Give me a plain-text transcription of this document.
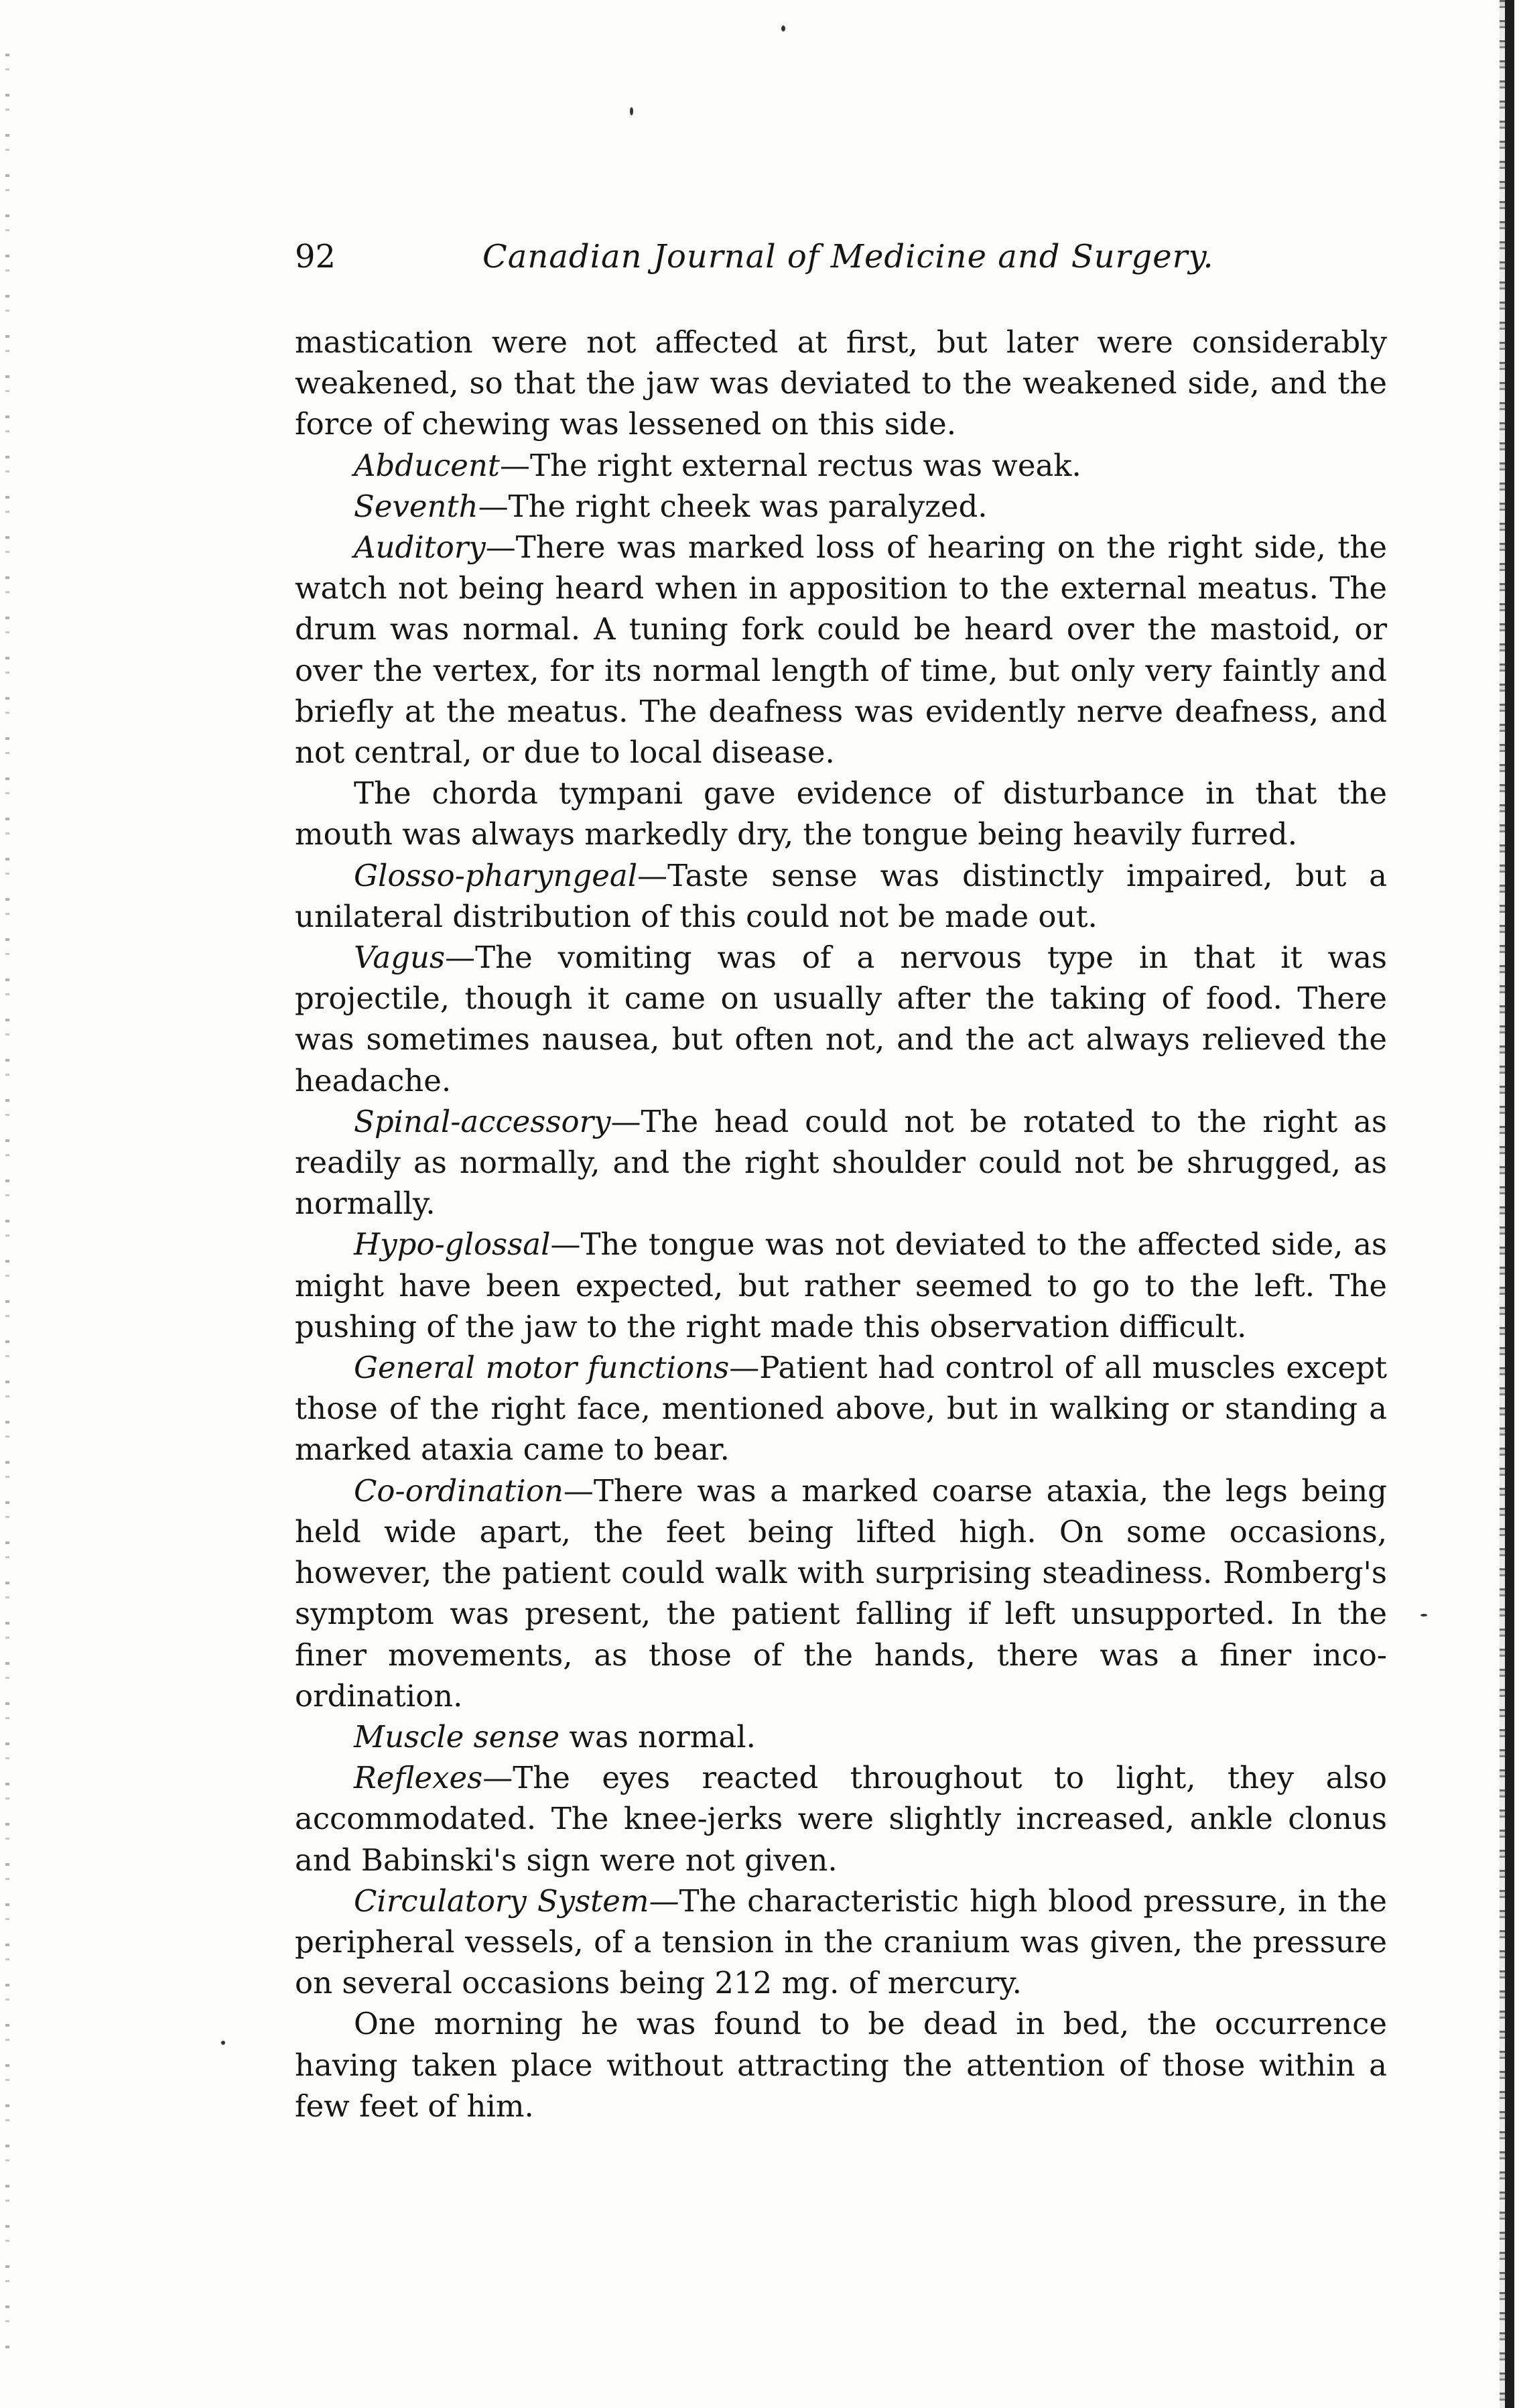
92	Canadian Journal of Medicine and Surgery.

mastication were not affected at first, but later were considerably weakened, so that the jaw was deviated to the weakened side, and the force of chewing was lessened on this side.

Abducent—The right external rectus was weak.

Seventh—The right cheek was paralyzed.

Auditory—There was marked loss of hearing on the right side, the watch not being heard when in apposition to the external meatus. The drum was normal. A tuning fork could be heard over the mastoid, or over the vertex, for its normal length of time, but only very faintly and briefly at the meatus. The deafness was evidently nerve deafness, and not central, or due to local disease.

The chorda tympani gave evidence of disturbance in that the mouth was always markedly dry, the tongue being heavily furred.

Glosso-pharyngeal—Taste sense was distinctly impaired, but a unilateral distribution of this could not be made out.

Vagus—The vomiting was of a nervous type in that it was projectile, though it came on usually after the taking of food. There was sometimes nausea, but often not, and the act always relieved the headache.

Spinal-accessory—The head could not be rotated to the right as readily as normally, and the right shoulder could not be shrugged, as normally.

Hypo-glossal—The tongue was not deviated to the affected side, as might have been expected, but rather seemed to go to the left. The pushing of the jaw to the right made this observation difficult.

General motor functions—Patient had control of all muscles except those of the right face, mentioned above, but in walking or standing a marked ataxia came to bear.

Co-ordination—There was a marked coarse ataxia, the legs being held wide apart, the feet being lifted high. On some occasions, however, the patient could walk with surprising steadiness. Romberg's symptom was present, the patient falling if left unsupported. In the finer movements, as those of the hands, there was a finer inco-ordination.

Muscle sense was normal.

Reflexes—The eyes reacted throughout to light, they also accommodated. The knee-jerks were slightly increased, ankle clonus and Babinski's sign were not given.

Circulatory System—The characteristic high blood pressure, in the peripheral vessels, of a tension in the cranium was given, the pressure on several occasions being 212 mg. of mercury.

One morning he was found to be dead in bed, the occurrence having taken place without attracting the attention of those within a few feet of him.
